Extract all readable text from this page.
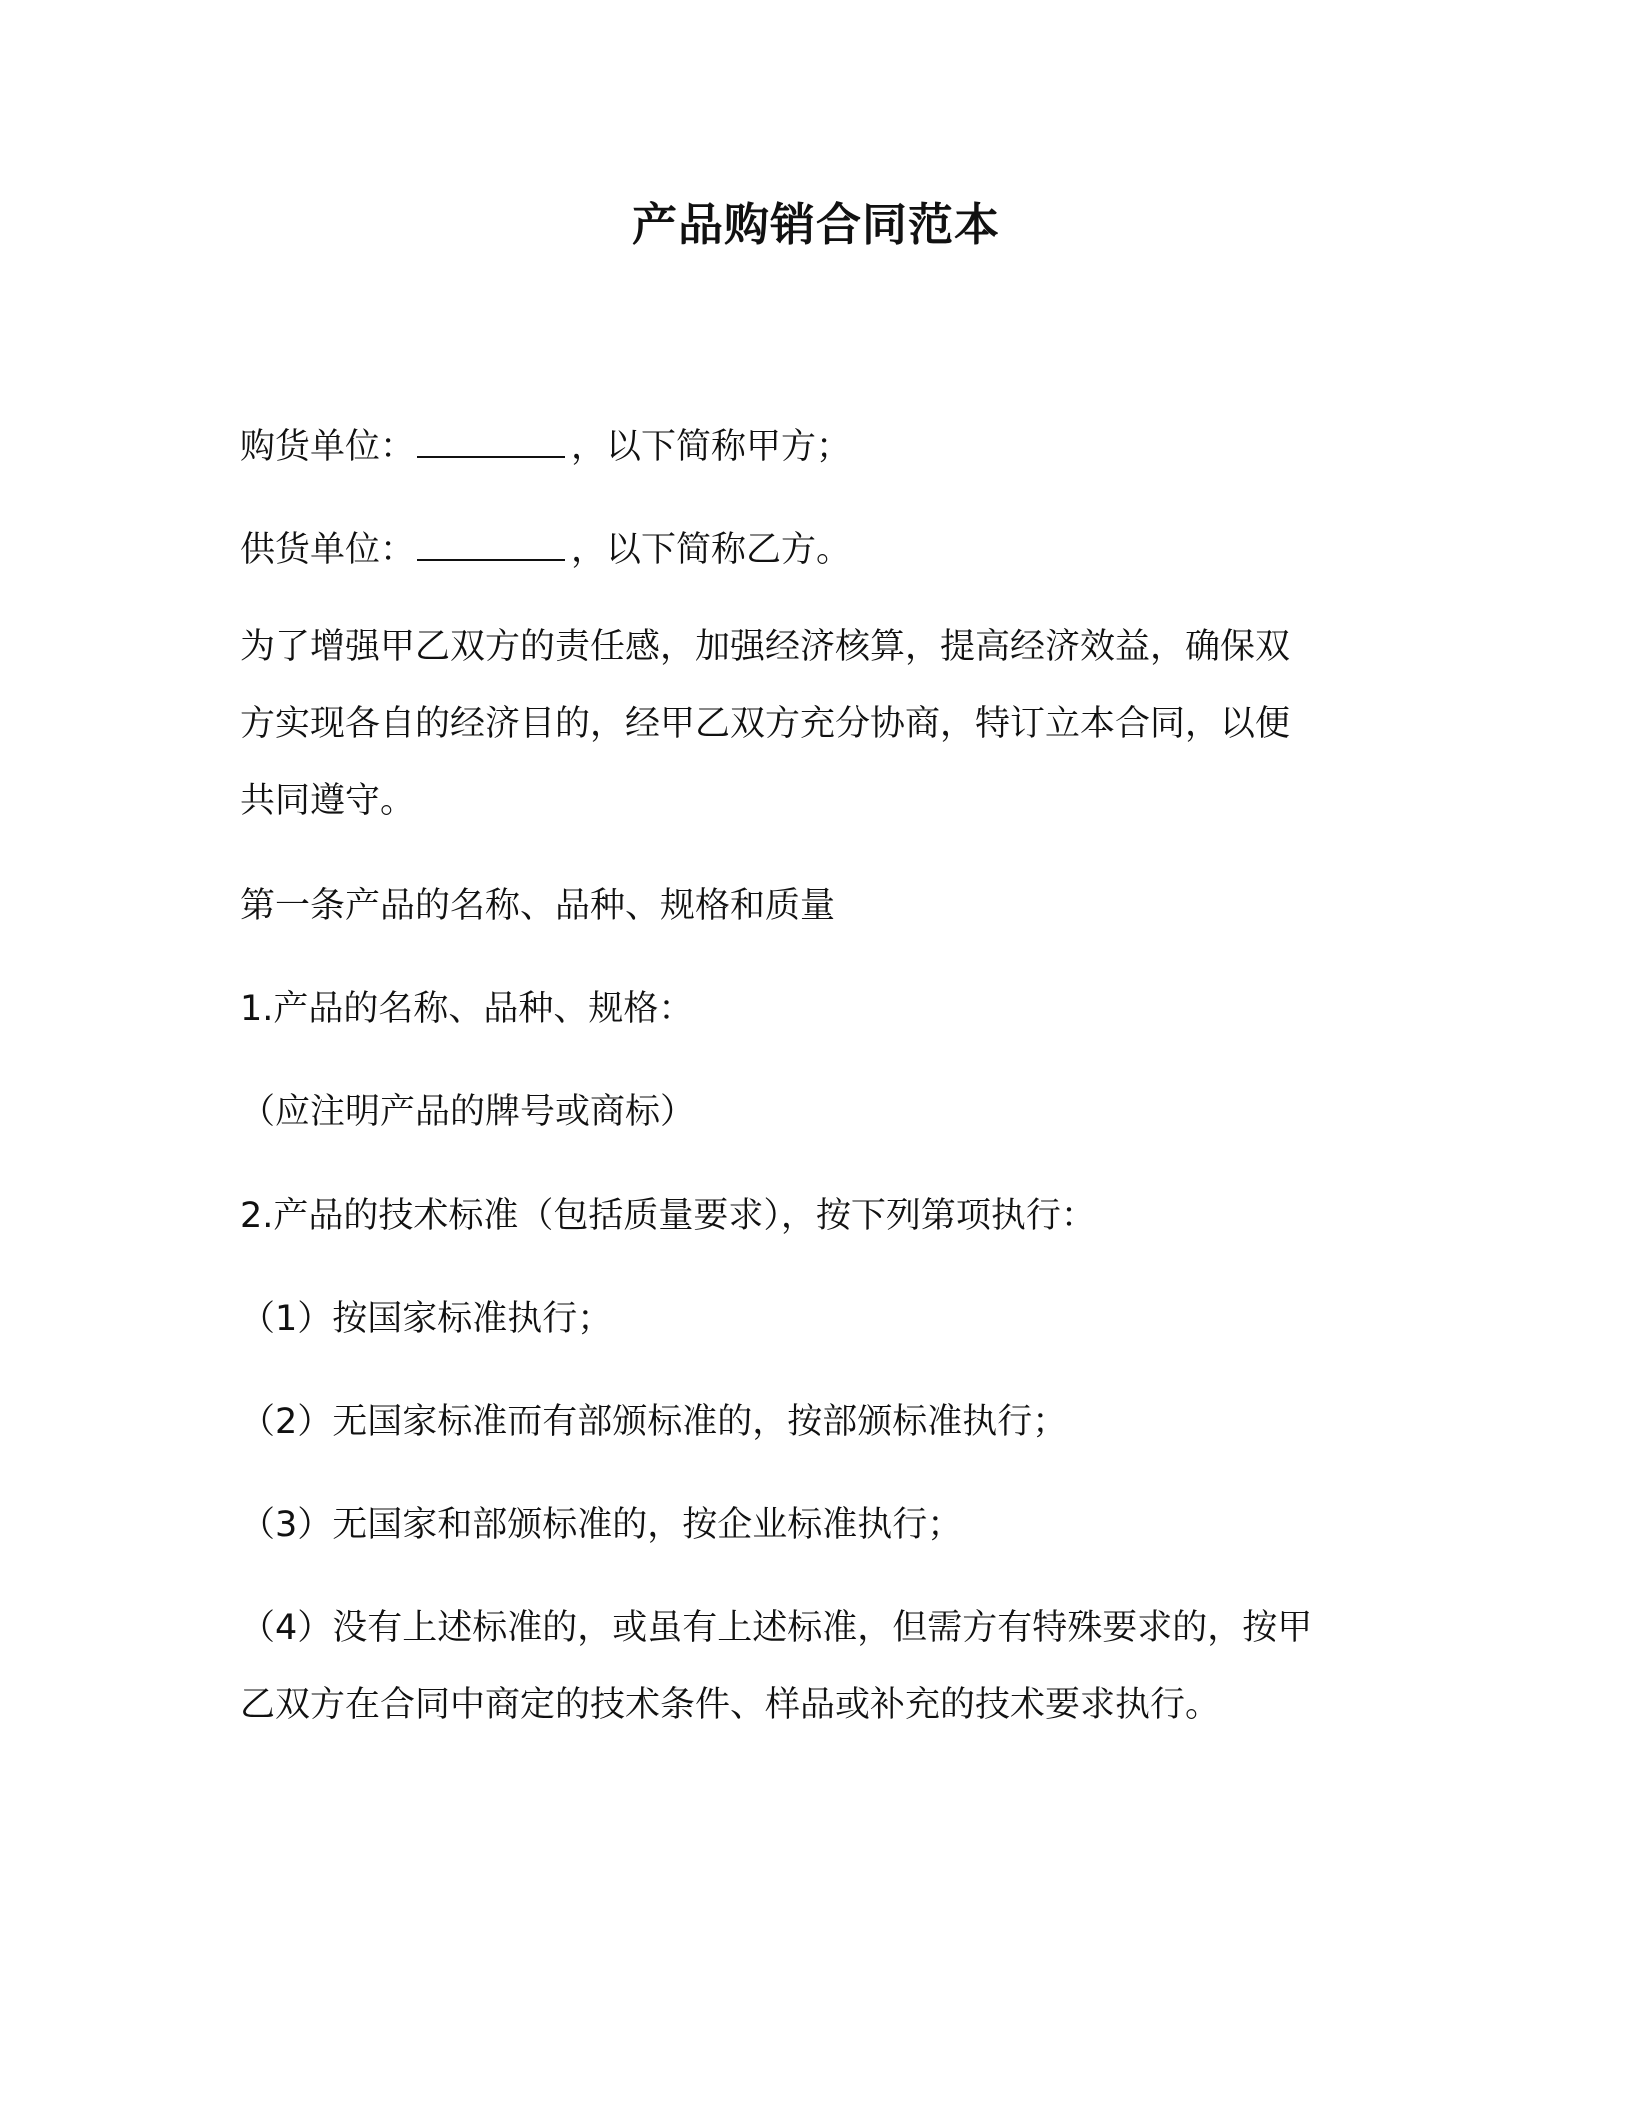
产品购销合同范本
购货单位：	，以下简称甲方；
供货单位：	，以下简称乙方。
为了增强甲乙双方的责任感，加强经济核算，提高经济效益，确保双
方实现各自的经济目的，经甲乙双方充分协商，特订立本合同，以便
共同遵守。
第一条产品的名称、品种、规格和质量
1.产品的名称、品种、规格：
（应注明产品的牌号或商标）
2.产品的技术标准（包括质量要求），按下列第项执行：
（1）按国家标准执行；
（2）无国家标准而有部颁标准的，按部颁标准执行；
（3）无国家和部颁标准的，按企业标准执行；
（4）没有上述标准的，或虽有上述标准，但需方有特殊要求的，按甲
乙双方在合同中商定的技术条件、样品或补充的技术要求执行。
